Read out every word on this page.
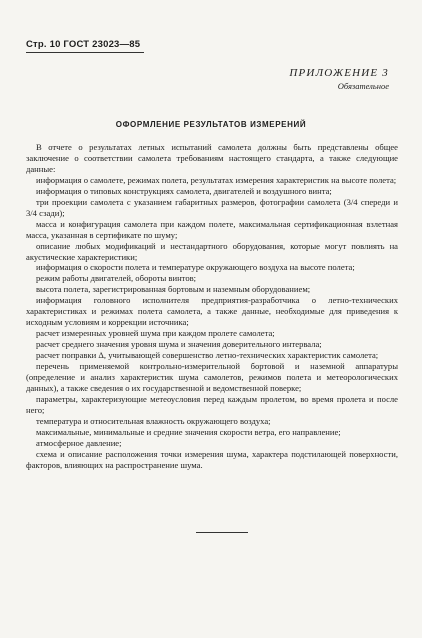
Стр. 10 ГОСТ 23023—85
ПРИЛОЖЕНИЕ 3
Обязательное
ОФОРМЛЕНИЕ РЕЗУЛЬТАТОВ ИЗМЕРЕНИЙ

В отчете о результатах летных испытаний самолета должны быть представлены общее заключение о соответствии самолета требованиям настоящего стандарта, а также следующие данные:

информация о самолете, режимах полета, результатах измерения характеристик на высоте полета;

информация о типовых конструкциях самолета, двигателей и воздушного винта;

три проекции самолета с указанием габаритных размеров, фотографии самолета (3/4 спереди и 3/4 сзади);

масса и конфигурация самолета при каждом полете, максимальная сертификационная взлетная масса, указанная в сертификате по шуму;

описание любых модификаций и нестандартного оборудования, которые могут повлиять на акустические характеристики;

информация о скорости полета и температуре окружающего воздуха на высоте полета;

режим работы двигателей, обороты винтов;

высота полета, зарегистрированная бортовым и наземным оборудованием;

информация головного исполнителя предприятия-разработчика о летно-технических характеристиках и режимах полета самолета, а также данные, необходимые для приведения к исходным условиям и коррекции источника;

расчет измеренных уровней шума при каждом пролете самолета;

расчет среднего значения уровня шума и значения доверительного интервала;

расчет поправки Δ, учитывающей совершенство летно-технических характеристик самолета;

перечень применяемой контрольно-измерительной бортовой и наземной аппаратуры (определение и анализ характеристик шума самолетов, режимов полета и метеорологических данных), а также сведения о их государственной и ведомственной поверке;

параметры, характеризующие метеоусловия перед каждым пролетом, во время пролета и после него;

температура и относительная влажность окружающего воздуха;

максимальные, минимальные и средние значения скорости ветра, его направление;

атмосферное давление;

схема и описание расположения точки измерения шума, характера подстилающей поверхности, факторов, влияющих на распространение шума.
